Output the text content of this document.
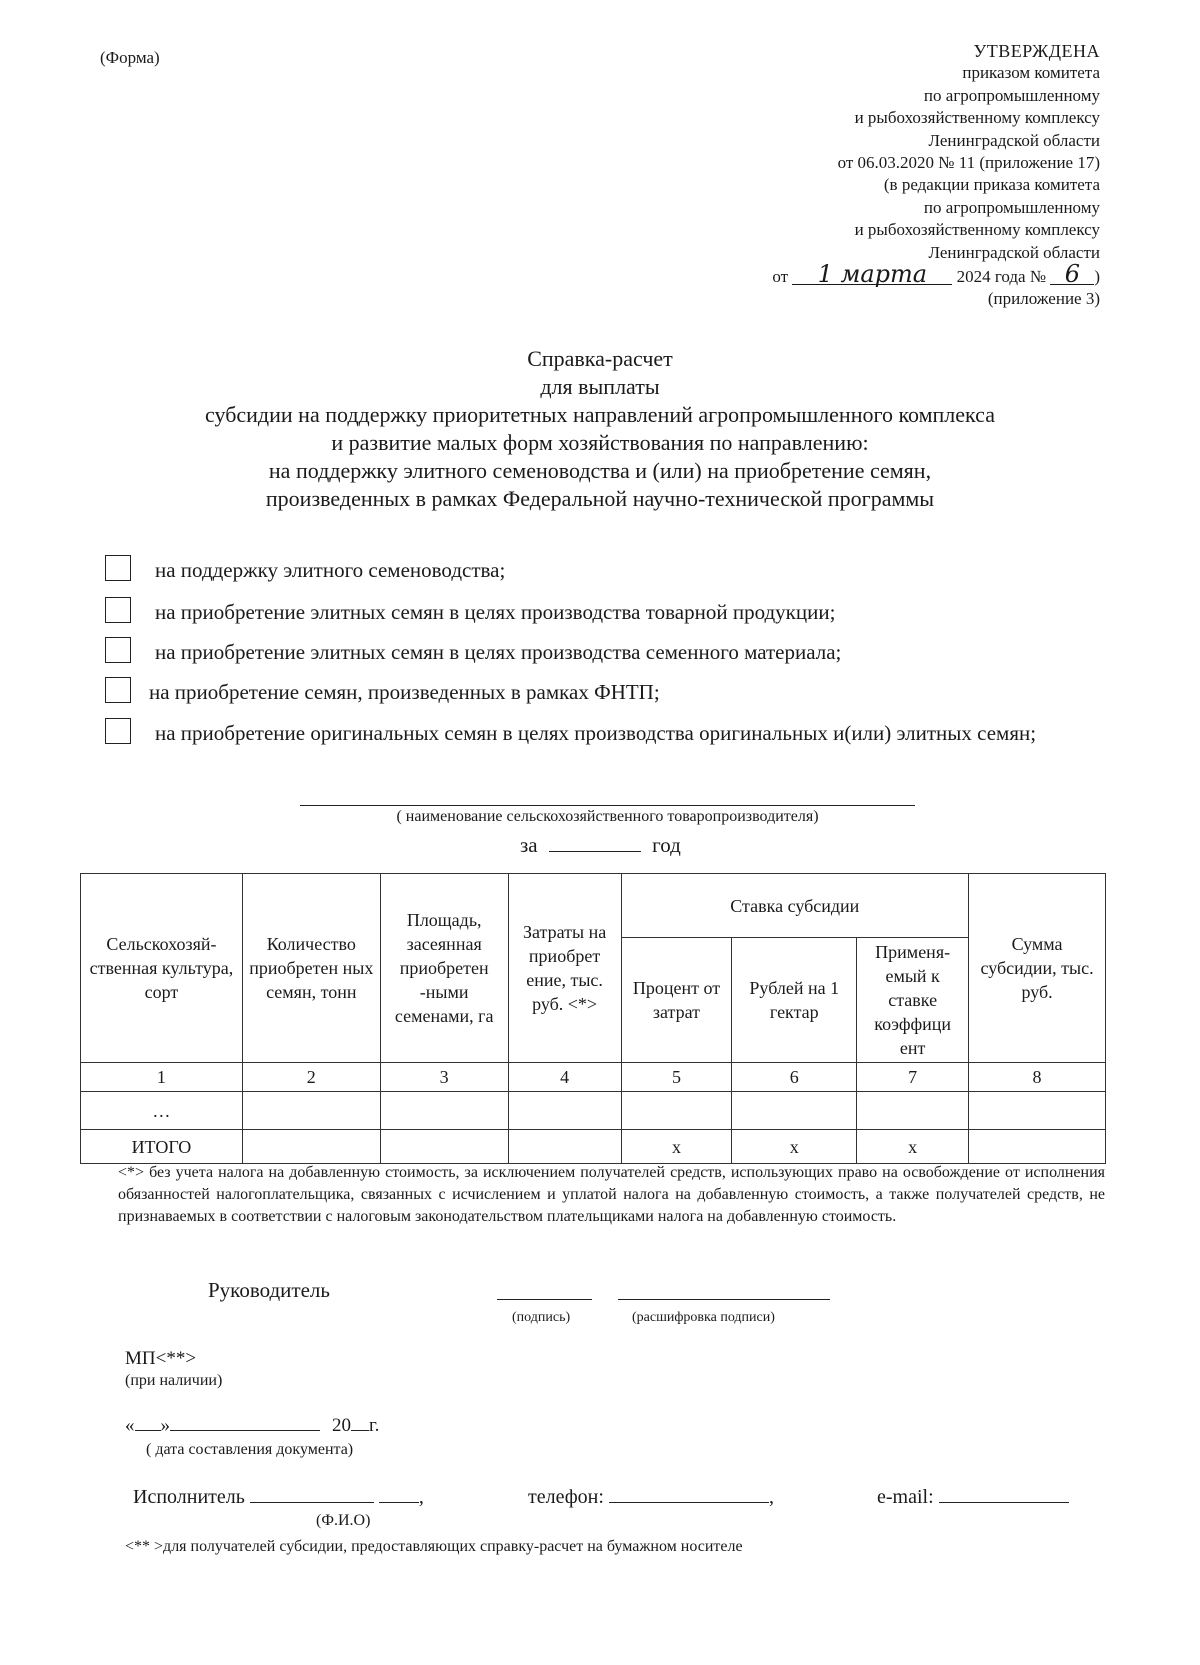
(Форма)	УТВЕРЖДЕНА
приказом комитета
по агропромышленному
и рыбохозяйственному комплексу
Ленинградской области
от 06.03.2020 № 11 (приложение 17)
(в редакции приказа комитета
по агропромышленному
и рыбохозяйственному комплексу
Ленинградской области
от 1 марта 2024 года № 6 )
(приложение 3)
Справка-расчет
для выплаты
субсидии на поддержку приоритетных направлений агропромышленного комплекса
и развитие малых форм хозяйствования по направлению:
на поддержку элитного семеноводства и (или) на приобретение семян,
произведенных в рамках Федеральной научно-технической программы
на поддержку элитного семеноводства;
на приобретение элитных семян в целях производства товарной продукции;
на приобретение элитных семян в целях производства семенного материала;
на приобретение семян, произведенных в рамках ФНТП;
на приобретение оригинальных семян в целях производства оригинальных и(или) элитных семян;
( наименование сельскохозяйственного товаропроизводителя)
за	год
Сельскохозяй-ственная культура, сорт	Количество приобретен ных семян, тонн	Площадь, засеянная приобретен -ными семенами, га	Затраты на приобрет ение, тыс. руб. <*>	Ставка субсидии			Сумма субсидии, тыс. руб.
				Процент от затрат	Рублей на 1 гектар	Применя-емый к ставке коэффици ент	
1	2	3	4	5	6	7	8
…							
ИТОГО				х	х	х	
<*> без учета налога на добавленную стоимость, за исключением получателей средств, использующих право на освобождение от исполнения обязанностей налогоплательщика, связанных с исчислением и уплатой налога на добавленную стоимость, а также получателей средств, не признаваемых в соответствии с налоговым законодательством плательщиками налога на добавленную стоимость.
Руководитель
(подпись)	(расшифровка подписи)
МП<**>
(при наличии)
« »	20 г.
( дата составления документа)
Исполнитель	,	телефон:	,	e-mail:
(Ф.И.О)
<** >для получателей субсидии, предоставляющих справку-расчет на бумажном носителе
